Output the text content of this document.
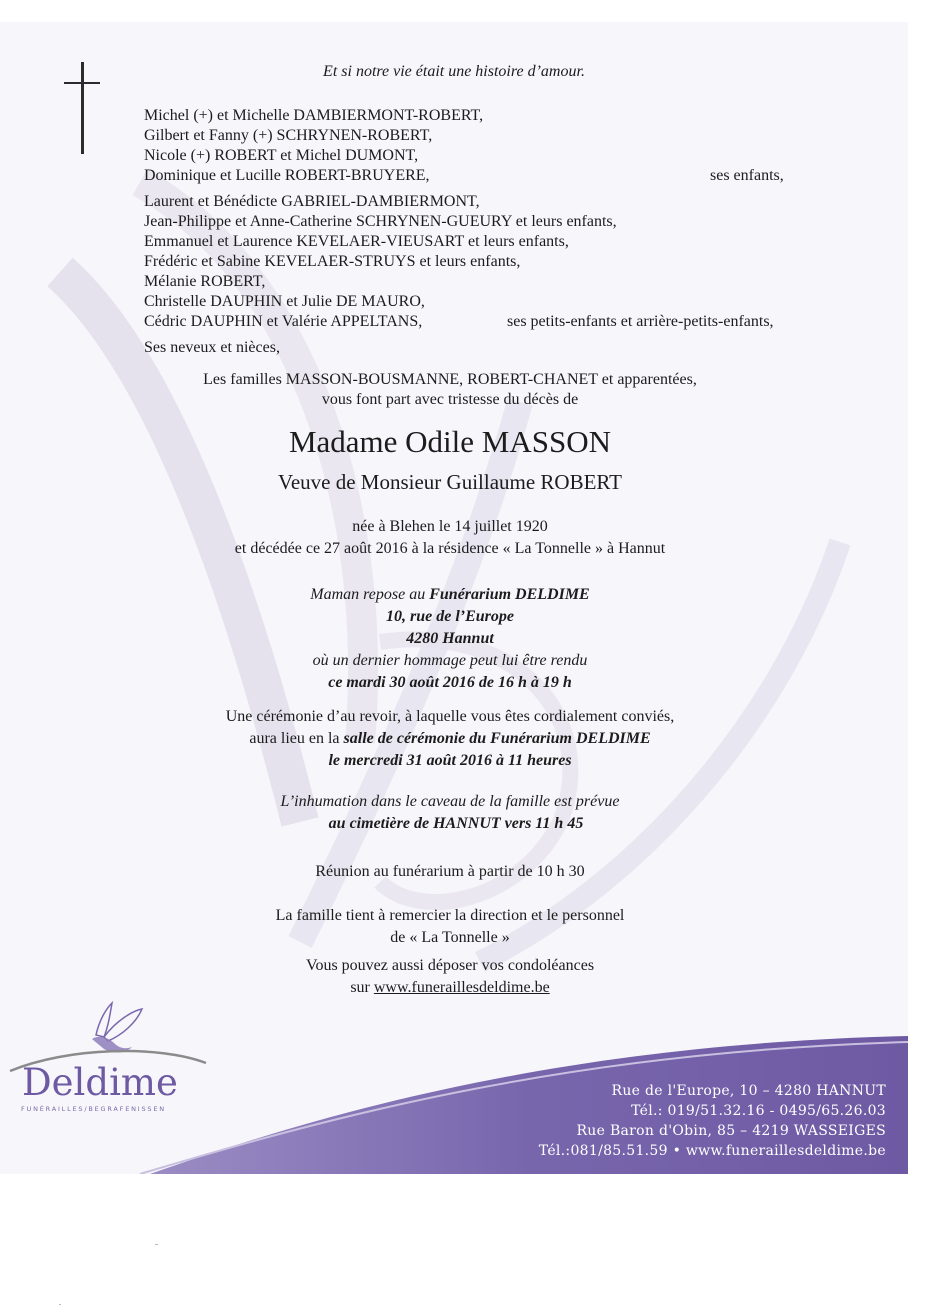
Et si notre vie était une histoire d’amour.
Michel (+) et Michelle DAMBIERMONT-ROBERT,
Gilbert et Fanny (+) SCHRYNEN-ROBERT,
Nicole (+) ROBERT et Michel DUMONT,
Dominique et Lucille ROBERT-BRUYERE,	ses enfants,
Laurent et Bénédicte GABRIEL-DAMBIERMONT,
Jean-Philippe et Anne-Catherine SCHRYNEN-GUEURY et leurs enfants,
Emmanuel et Laurence KEVELAER-VIEUSART et leurs enfants,
Frédéric et Sabine KEVELAER-STRUYS et leurs enfants,
Mélanie ROBERT,
Christelle DAUPHIN et Julie DE MAURO,
Cédric DAUPHIN et Valérie APPELTANS,	ses petits-enfants et arrière-petits-enfants,
Ses neveux et nièces,
Les familles MASSON-BOUSMANNE, ROBERT-CHANET et apparentées,
vous font part avec tristesse du décès de
Madame Odile MASSON
Veuve de Monsieur Guillaume ROBERT
née à Blehen le 14 juillet 1920
et décédée ce 27 août 2016 à la résidence « La Tonnelle » à Hannut
Maman repose au Funérarium DELDIME
10, rue de l’Europe
4280 Hannut
où un dernier hommage peut lui être rendu
ce mardi 30 août 2016 de 16 h à 19 h
Une cérémonie d’au revoir, à laquelle vous êtes cordialement conviés,
aura lieu en la salle de cérémonie du Funérarium DELDIME
le mercredi 31 août 2016 à 11 heures
L’inhumation dans le caveau de la famille est prévue
au cimetière de HANNUT vers 11 h 45
Réunion au funérarium à partir de 10 h 30
La famille tient à remercier la direction et le personnel
de « La Tonnelle »
Vous pouvez aussi déposer vos condoléances
sur www.funeraillesdeldime.be
Rue de l'Europe, 10 – 4280 HANNUT
Tél.: 019/51.32.16 - 0495/65.26.03
Rue Baron d'Obin, 85 – 4219 WASSEIGES
Tél.:081/85.51.59 • www.funeraillesdeldime.be
Deldime
FUNÉRAILLES/BEGRAFENISSEN
